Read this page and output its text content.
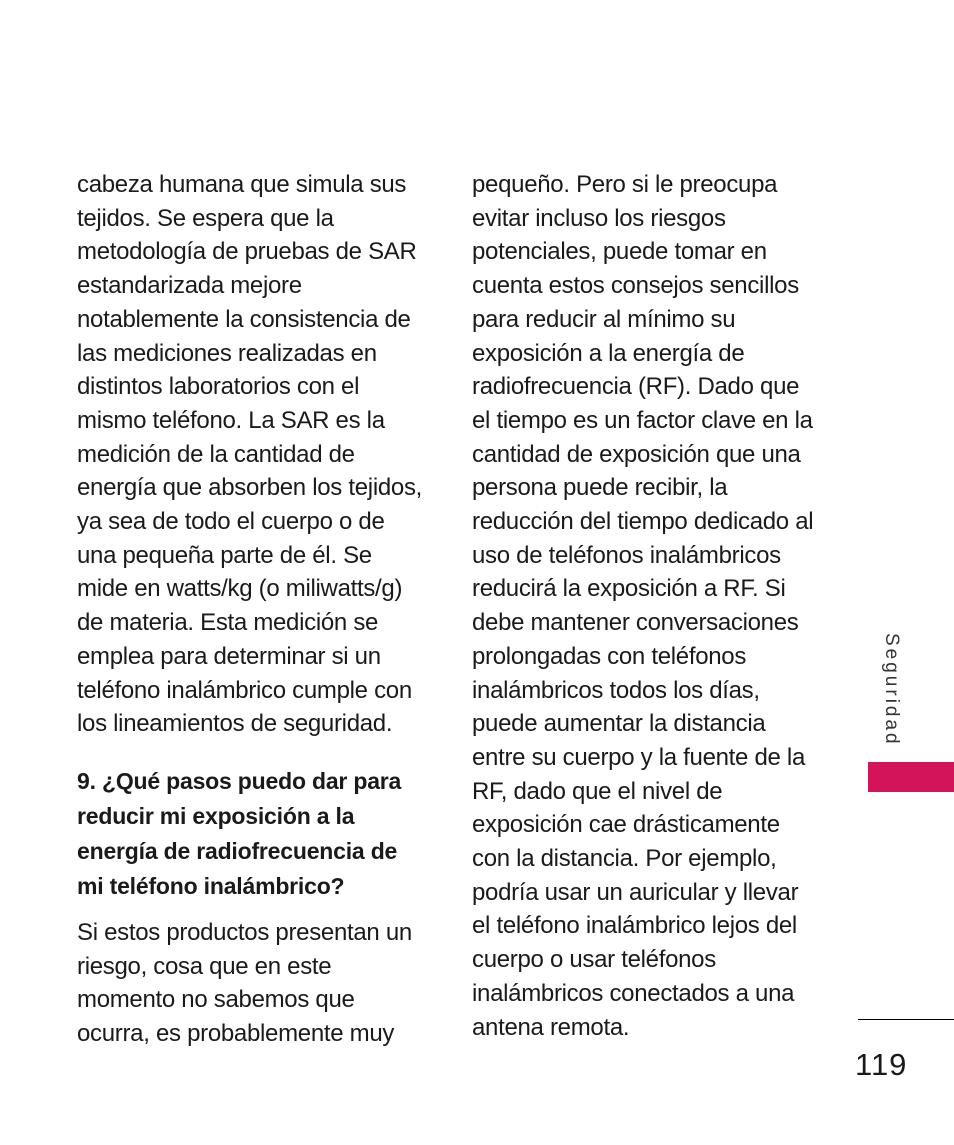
cabeza humana que simula sus
tejidos. Se espera que la
metodología de pruebas de SAR
estandarizada mejore
notablemente la consistencia de
las mediciones realizadas en
distintos laboratorios con el
mismo teléfono. La SAR es la
medición de la cantidad de
energía que absorben los tejidos,
ya sea de todo el cuerpo o de
una pequeña parte de él. Se
mide en watts/kg (o miliwatts/g)
de materia. Esta medición se
emplea para determinar si un
teléfono inalámbrico cumple con
los lineamientos de seguridad.

9. ¿Qué pasos puedo dar para
reducir mi exposición a la
energía de radiofrecuencia de
mi teléfono inalámbrico?

Si estos productos presentan un
riesgo, cosa que en este
momento no sabemos que
ocurra, es probablemente muy

pequeño. Pero si le preocupa
evitar incluso los riesgos
potenciales, puede tomar en
cuenta estos consejos sencillos
para reducir al mínimo su
exposición a la energía de
radiofrecuencia (RF). Dado que
el tiempo es un factor clave en la
cantidad de exposición que una
persona puede recibir, la
reducción del tiempo dedicado al
uso de teléfonos inalámbricos
reducirá la exposición a RF. Si
debe mantener conversaciones
prolongadas con teléfonos
inalámbricos todos los días,
puede aumentar la distancia
entre su cuerpo y la fuente de la
RF, dado que el nivel de
exposición cae drásticamente
con la distancia. Por ejemplo,
podría usar un auricular y llevar
el teléfono inalámbrico lejos del
cuerpo o usar teléfonos
inalámbricos conectados a una
antena remota.

Seguridad
119
